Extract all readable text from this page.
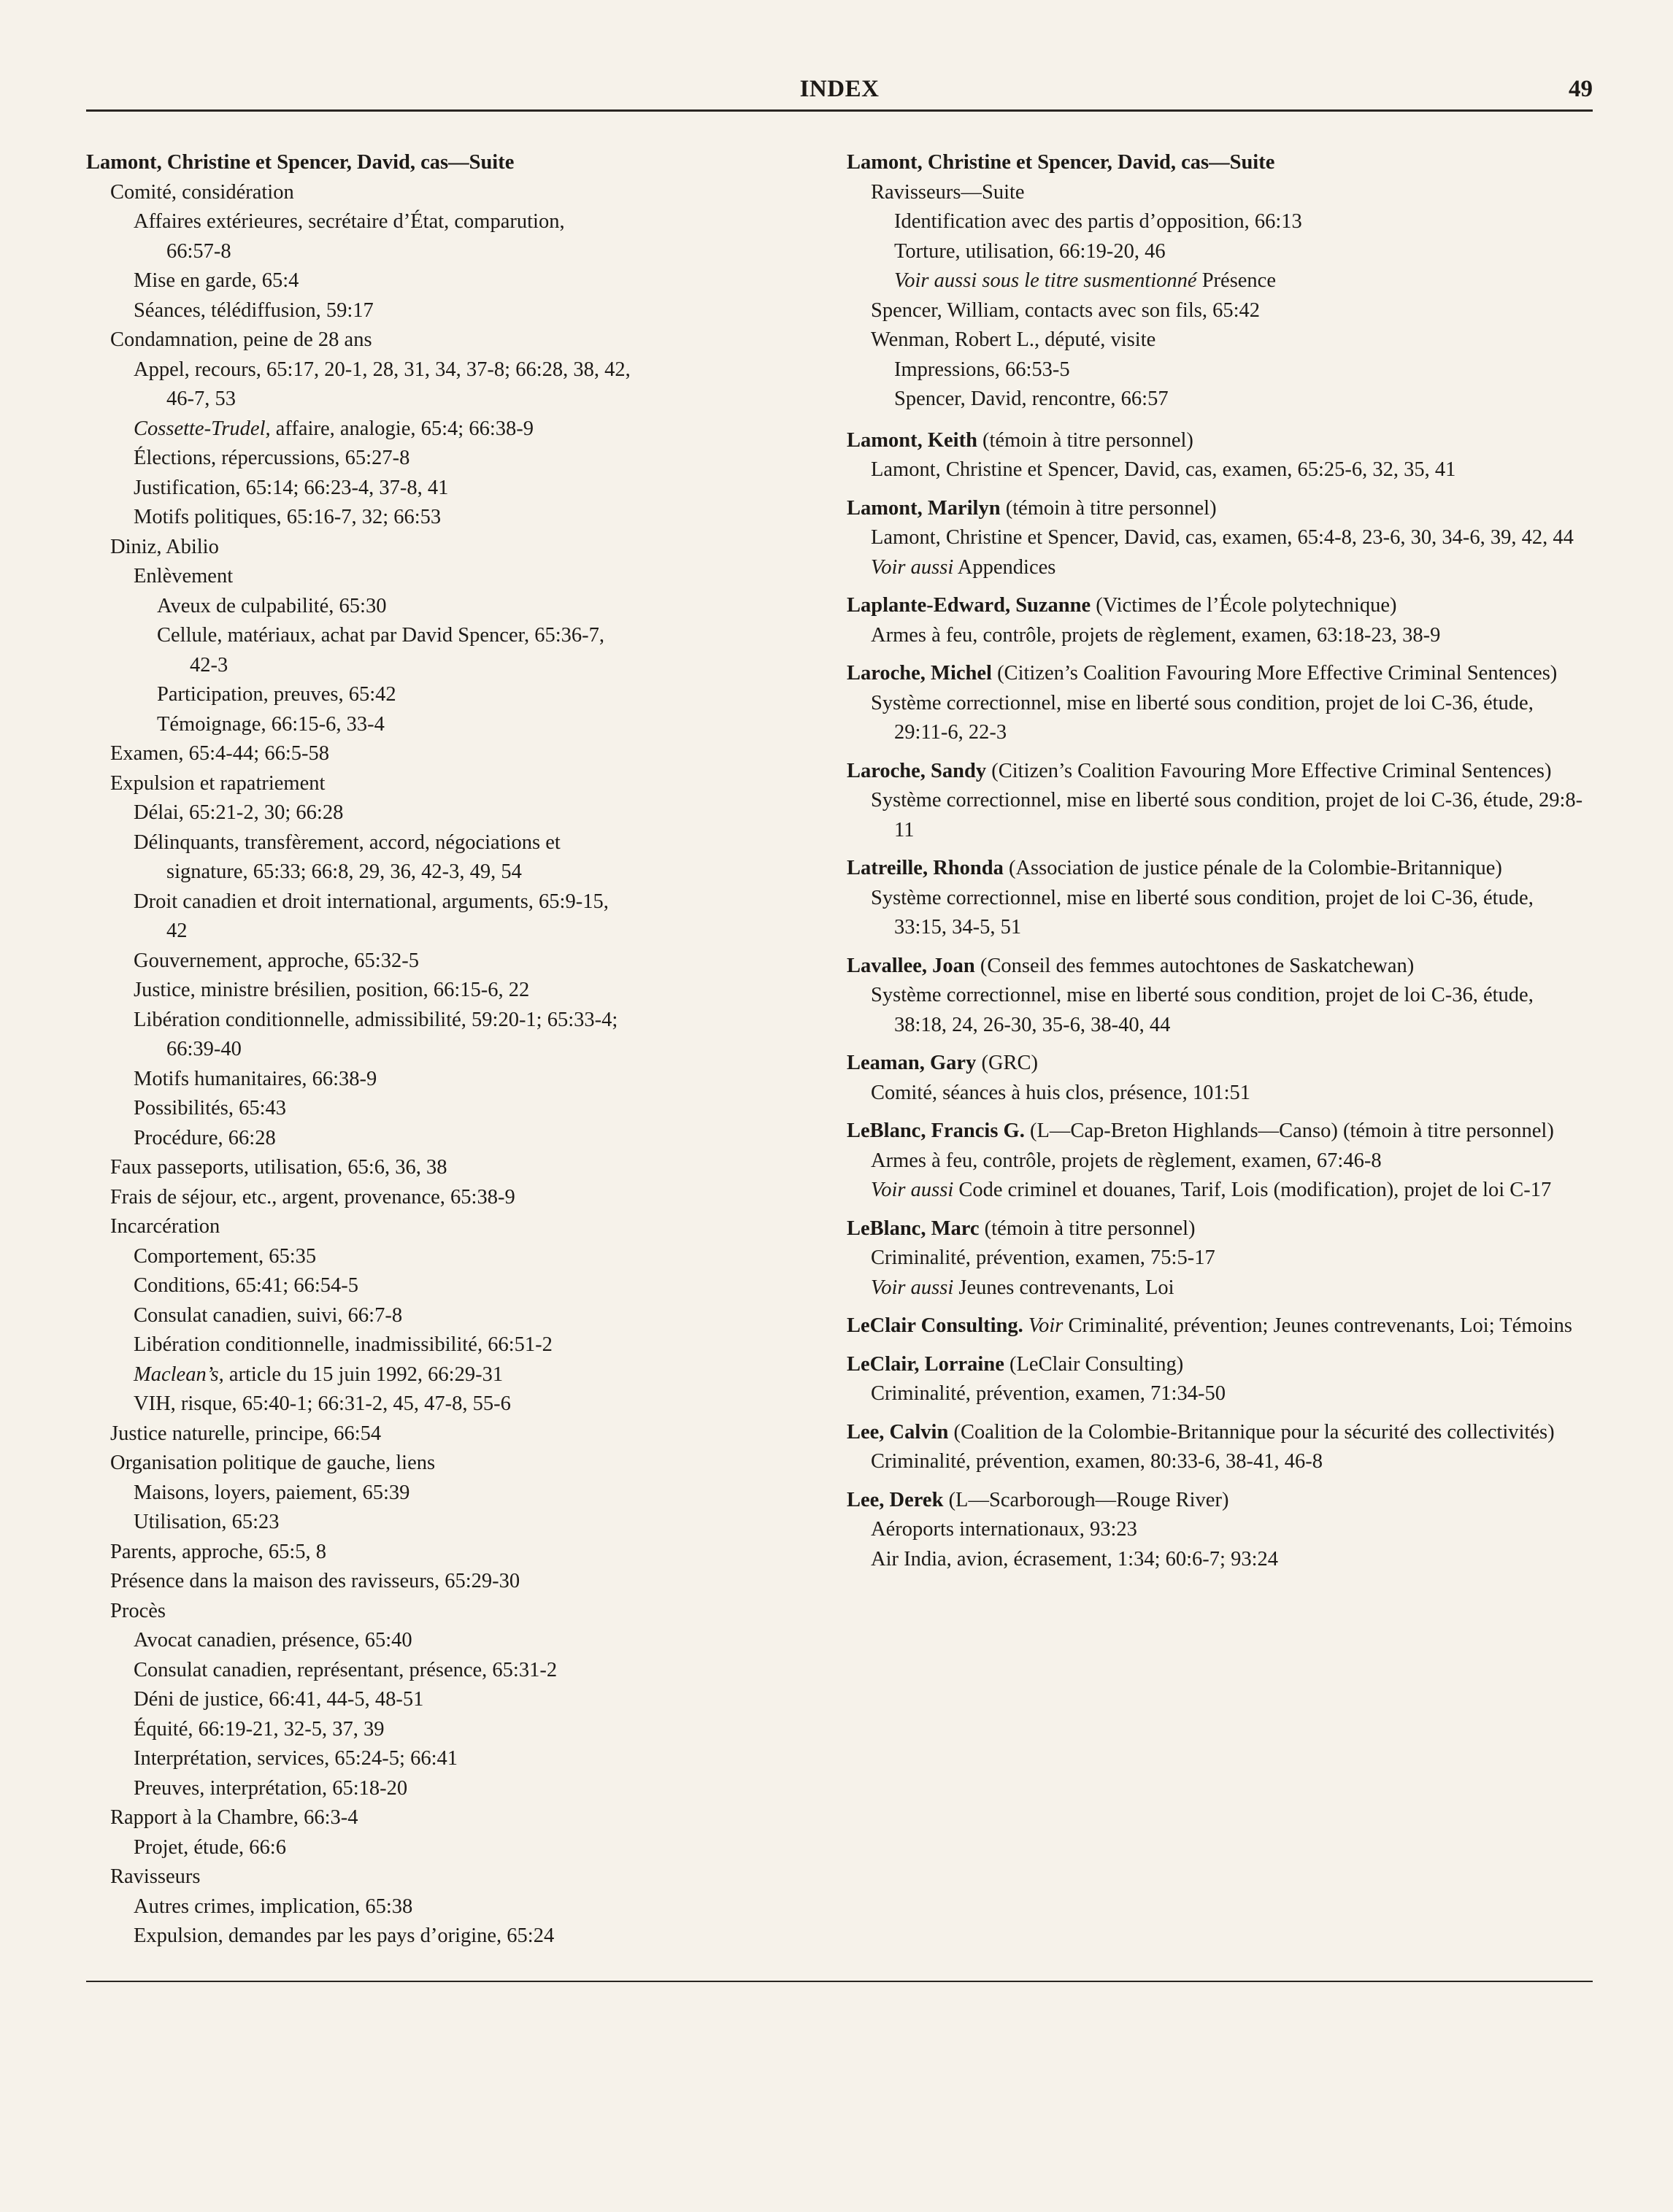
INDEX	49
Lamont, Christine et Spencer, David, cas—Suite
Comité, considération
Affaires extérieures, secrétaire d’État, comparution,
66:57-8
Mise en garde, 65:4
Séances, télédiffusion, 59:17
Condamnation, peine de 28 ans
Appel, recours, 65:17, 20-1, 28, 31, 34, 37-8; 66:28, 38, 42,
46-7, 53
Cossette-Trudel, affaire, analogie, 65:4; 66:38-9
Élections, répercussions, 65:27-8
Justification, 65:14; 66:23-4, 37-8, 41
Motifs politiques, 65:16-7, 32; 66:53
Diniz, Abilio
Enlèvement
Aveux de culpabilité, 65:30
Cellule, matériaux, achat par David Spencer, 65:36-7,
42-3
Participation, preuves, 65:42
Témoignage, 66:15-6, 33-4
Examen, 65:4-44; 66:5-58
Expulsion et rapatriement
Délai, 65:21-2, 30; 66:28
Délinquants, transfèrement, accord, négociations et
signature, 65:33; 66:8, 29, 36, 42-3, 49, 54
Droit canadien et droit international, arguments, 65:9-15,
42
Gouvernement, approche, 65:32-5
Justice, ministre brésilien, position, 66:15-6, 22
Libération conditionnelle, admissibilité, 59:20-1; 65:33-4;
66:39-40
Motifs humanitaires, 66:38-9
Possibilités, 65:43
Procédure, 66:28
Faux passeports, utilisation, 65:6, 36, 38
Frais de séjour, etc., argent, provenance, 65:38-9
Incarcération
Comportement, 65:35
Conditions, 65:41; 66:54-5
Consulat canadien, suivi, 66:7-8
Libération conditionnelle, inadmissibilité, 66:51-2
Maclean’s, article du 15 juin 1992, 66:29-31
VIH, risque, 65:40-1; 66:31-2, 45, 47-8, 55-6
Justice naturelle, principe, 66:54
Organisation politique de gauche, liens
Maisons, loyers, paiement, 65:39
Utilisation, 65:23
Parents, approche, 65:5, 8
Présence dans la maison des ravisseurs, 65:29-30
Procès
Avocat canadien, présence, 65:40
Consulat canadien, représentant, présence, 65:31-2
Déni de justice, 66:41, 44-5, 48-51
Équité, 66:19-21, 32-5, 37, 39
Interprétation, services, 65:24-5; 66:41
Preuves, interprétation, 65:18-20
Rapport à la Chambre, 66:3-4
Projet, étude, 66:6
Ravisseurs
Autres crimes, implication, 65:38
Expulsion, demandes par les pays d’origine, 65:24
Lamont, Christine et Spencer, David, cas—Suite
Ravisseurs—Suite
Identification avec des partis d’opposition, 66:13
Torture, utilisation, 66:19-20, 46
Voir aussi sous le titre susmentionné Présence
Spencer, William, contacts avec son fils, 65:42
Wenman, Robert L., député, visite
Impressions, 66:53-5
Spencer, David, rencontre, 66:57
Lamont, Keith (témoin à titre personnel)
Lamont, Christine et Spencer, David, cas, examen, 65:25-6, 32, 35, 41
Lamont, Marilyn (témoin à titre personnel)
Lamont, Christine et Spencer, David, cas, examen, 65:4-8, 23-6, 30, 34-6, 39, 42, 44
Voir aussi Appendices
Laplante-Edward, Suzanne (Victimes de l’École polytechnique)
Armes à feu, contrôle, projets de règlement, examen, 63:18-23, 38-9
Laroche, Michel (Citizen’s Coalition Favouring More Effective Criminal Sentences)
Système correctionnel, mise en liberté sous condition, projet de loi C-36, étude, 29:11-6, 22-3
Laroche, Sandy (Citizen’s Coalition Favouring More Effective Criminal Sentences)
Système correctionnel, mise en liberté sous condition, projet de loi C-36, étude, 29:8-11
Latreille, Rhonda (Association de justice pénale de la Colombie-Britannique)
Système correctionnel, mise en liberté sous condition, projet de loi C-36, étude, 33:15, 34-5, 51
Lavallee, Joan (Conseil des femmes autochtones de Saskatchewan)
Système correctionnel, mise en liberté sous condition, projet de loi C-36, étude, 38:18, 24, 26-30, 35-6, 38-40, 44
Leaman, Gary (GRC)
Comité, séances à huis clos, présence, 101:51
LeBlanc, Francis G. (L—Cap-Breton Highlands—Canso) (témoin à titre personnel)
Armes à feu, contrôle, projets de règlement, examen, 67:46-8
Voir aussi Code criminel et douanes, Tarif, Lois (modification), projet de loi C-17
LeBlanc, Marc (témoin à titre personnel)
Criminalité, prévention, examen, 75:5-17
Voir aussi Jeunes contrevenants, Loi
LeClair Consulting. Voir Criminalité, prévention; Jeunes contrevenants, Loi; Témoins
LeClair, Lorraine (LeClair Consulting)
Criminalité, prévention, examen, 71:34-50
Lee, Calvin (Coalition de la Colombie-Britannique pour la sécurité des collectivités)
Criminalité, prévention, examen, 80:33-6, 38-41, 46-8
Lee, Derek (L—Scarborough—Rouge River)
Aéroports internationaux, 93:23
Air India, avion, écrasement, 1:34; 60:6-7; 93:24
